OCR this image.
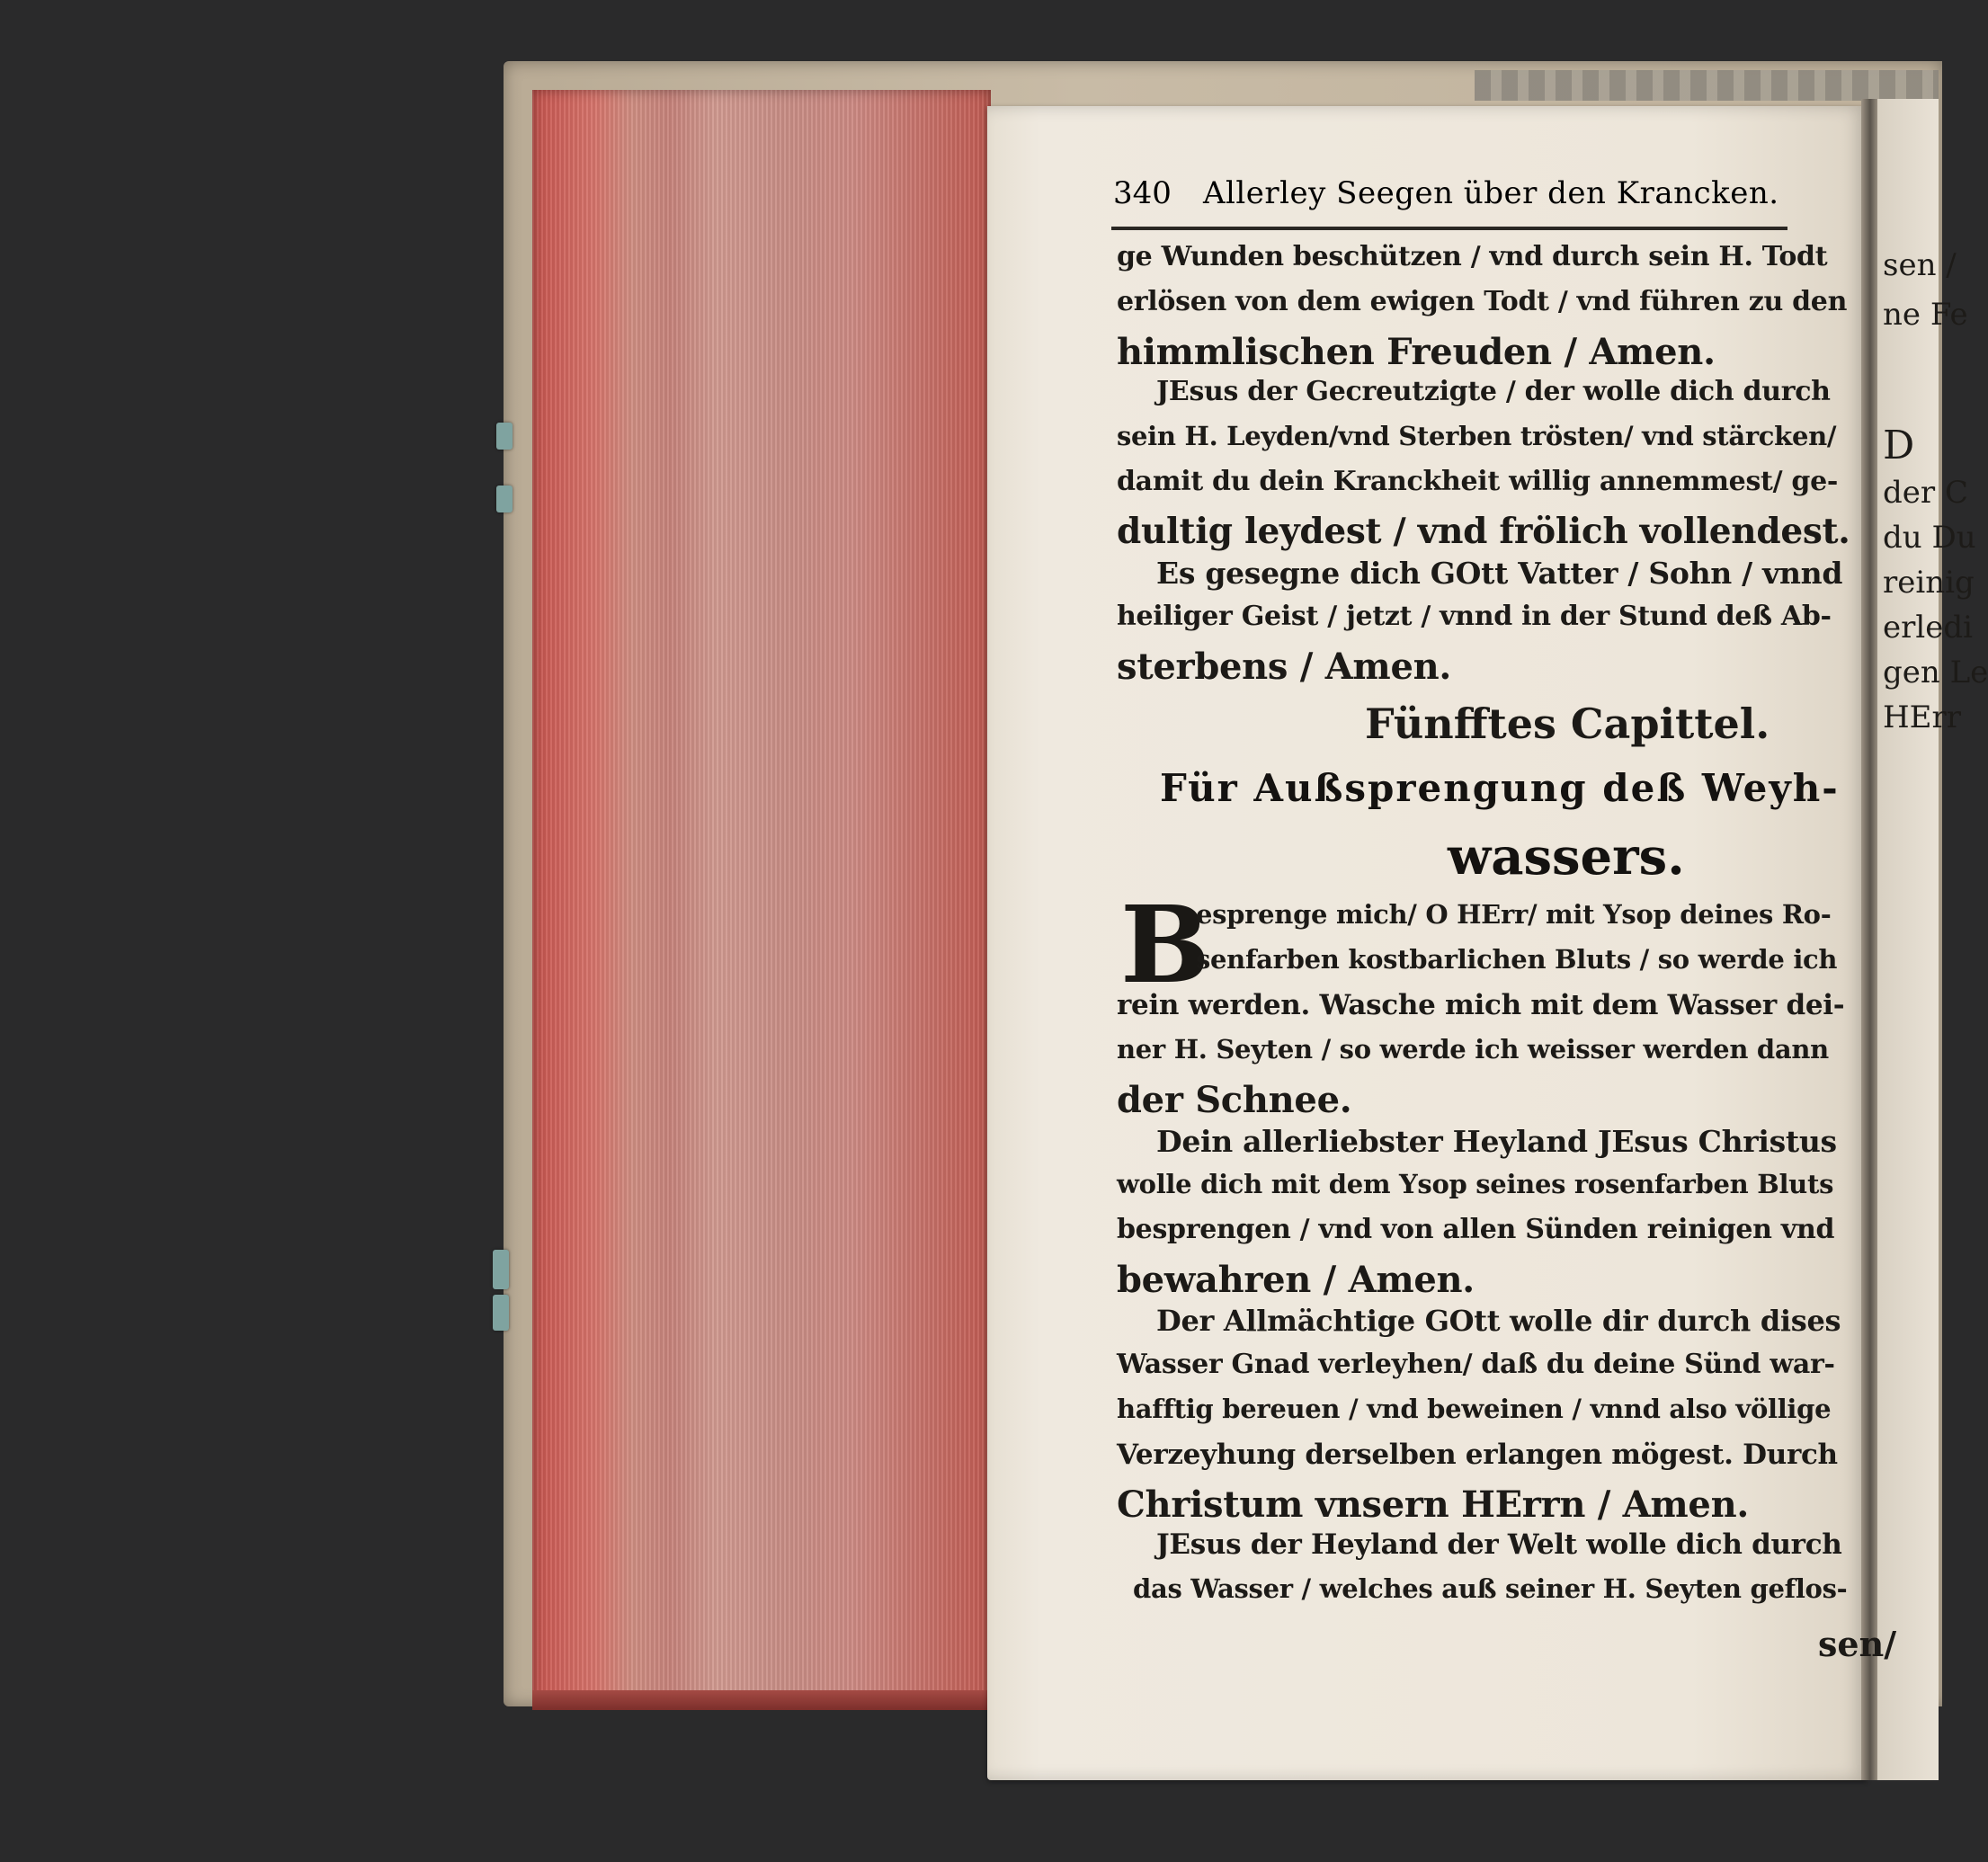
sen /
ne Fe
D
der C
du Du
reinig
erledi
gen Le
HErr
340 Allerley Seegen über den Krancken.
ge Wunden beschützen / vnd durch sein H. Todt
erlösen von dem ewigen Todt / vnd führen zu den
himmlischen Freuden / Amen.
JEsus der Gecreutzigte / der wolle dich durch
sein H. Leyden/vnd Sterben trösten/ vnd stärcken/
damit du dein Kranckheit willig annemmest/ ge-
dultig leydest / vnd frölich vollendest.
Es gesegne dich GOtt Vatter / Sohn / vnnd
heiliger Geist / jetzt / vnnd in der Stund deß Ab-
sterbens / Amen.
Fünfftes Capittel.
Für Außsprengung deß Weyh-
wassers.
B
esprenge mich/ O HErr/ mit Ysop deines Ro-
senfarben kostbarlichen Bluts / so werde ich
rein werden. Wasche mich mit dem Wasser dei-
ner H. Seyten / so werde ich weisser werden dann
der Schnee.
Dein allerliebster Heyland JEsus Christus
wolle dich mit dem Ysop seines rosenfarben Bluts
besprengen / vnd von allen Sünden reinigen vnd
bewahren / Amen.
Der Allmächtige GOtt wolle dir durch dises
Wasser Gnad verleyhen/ daß du deine Sünd war-
hafftig bereuen / vnd beweinen / vnnd also völlige
Verzeyhung derselben erlangen mögest. Durch
Christum vnsern HErrn / Amen.
JEsus der Heyland der Welt wolle dich durch
das Wasser / welches auß seiner H. Seyten geflos-
sen/
